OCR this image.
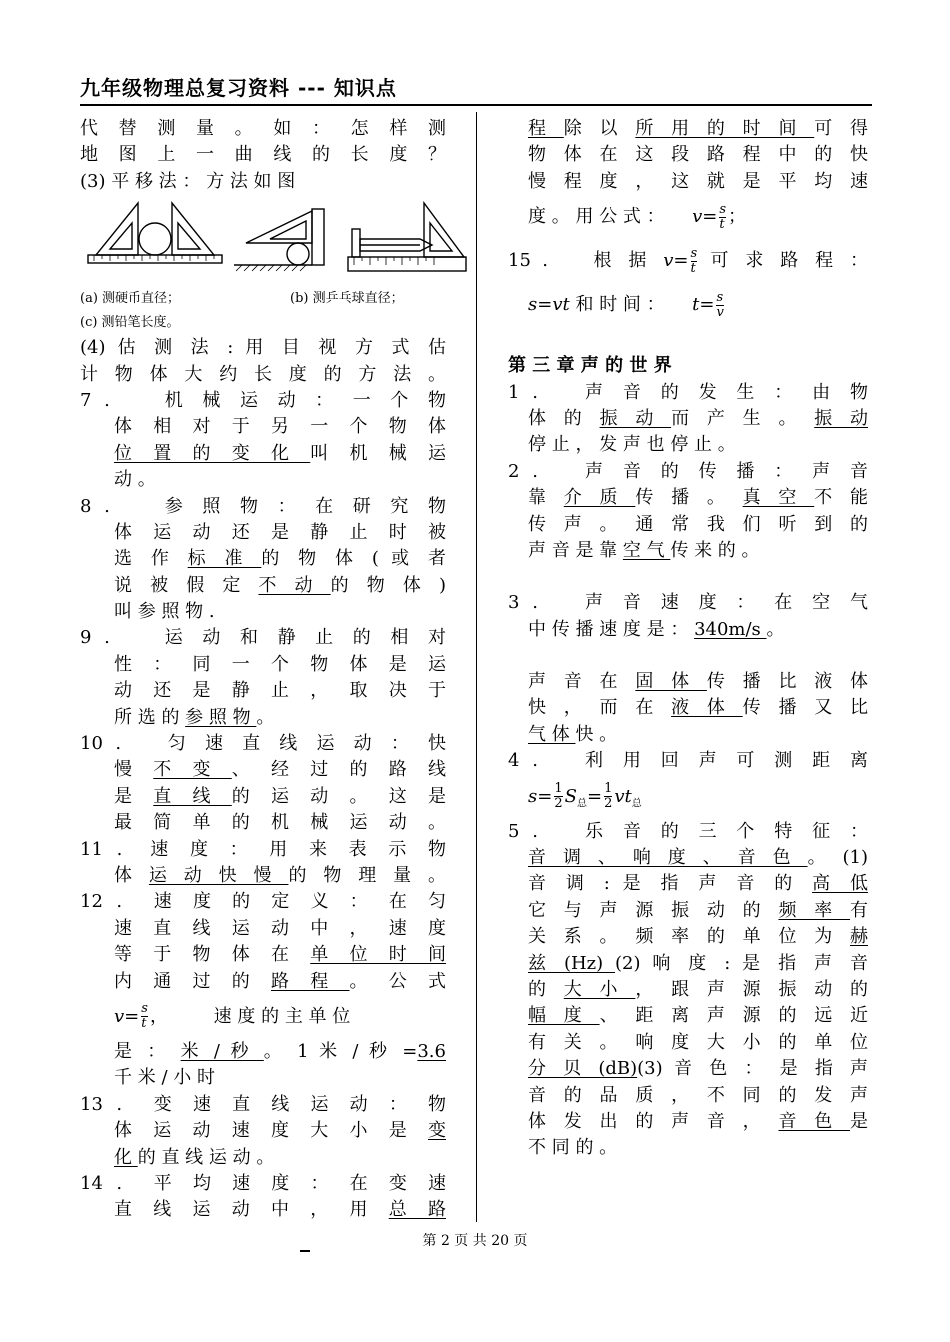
九年级物理总复习资料 --- 知识点
代 替 测 量 。 如 ： 怎 样 测
地 图 上 一 曲 线 的 长 度 ？
(3) 平 移 法 ： 方 法 如 图
(a) 测硬币直径；	(b) 测乒乓球直径；
(c) 测铅笔长度。
(4) 估 测 法 : 用 目 视 方 式 估
计 物 体 大 约 长 度 的 方 法 。
7 .	机 械 运 动 ： 一 个 物
体 相 对 于 另 一 个 物 体
位 置 的 变 化 叫 机 械 运
动 。
8 .	参 照 物 ： 在 研 究 物
体 运 动 还 是 静 止 时 被
选 作 标 准 的 物 体 ( 或 者
说 被 假 定 不 动 的 物 体 )
叫 参 照 物 .
9 .	运 动 和 静 止 的 相 对
性 ： 同 一 个 物 体 是 运
动 还 是 静 止 ， 取 决 于
所 选 的 参 照 物 。
10 . 匀 速 直 线 运 动 ： 快
慢 不 变 、 经 过 的 路 线
是 直 线 的 运 动 。 这 是
最 简 单 的 机 械 运 动 。
11 . 速 度 ： 用 来 表 示 物
体 运 动 快 慢 的 物 理 量 。
12 . 速 度 的 定 义 ： 在 匀
速 直 线 运 动 中 ， 速 度
等 于 物 体 在 单 位 时 间
内 通 过 的 路 程 。 公 式
$v= \frac{s}{t}$ ，	速 度 的 主 单 位
是 ： 米 / 秒 。 1 米 / 秒 =3.6
千 米 / 小 时
13 . 变 速 直 线 运 动 ： 物
体 运 动 速 度 大 小 是 变
化 的 直 线 运 动 。
14 . 平 均 速 度 ： 在 变 速
直 线 运 动 中 ， 用 总 路
程 除 以 所 用 的 时 间 可 得
物 体 在 这 段 路 程 中 的 快
慢 程 度 ， 这 就 是 平 均 速
度 。 用 公 式 ： $v= \frac{s}{t}$ ；
15 . 根 据 $v= \frac{s}{t}$ 可 求 路 程 ：
s=vt 和 时 间 ： $t= \frac{s}{v}$
第 三 章 声 的 世 界
1 . 声 音 的 发 生 ： 由 物
体 的 振 动 而 产 生 。 振 动
停 止 ， 发 声 也 停 止 。
2 . 声 音 的 传 播 ： 声 音
靠 介 质 传 播 。 真 空 不 能
传 声 。 通 常 我 们 听 到 的
声 音 是 靠 空 气 传 来 的 。
3 . 声 音 速 度 ： 在 空 气
中 传 播 速 度 是 ： 340m/s 。
声 音 在 固 体 传 播 比 液 体
快 ， 而 在 液 体 传 播 又 比
气 体 快 。
4 . 利 用 回 声 可 测 距 离
$s= \frac{1}{2} S_总= \frac{1}{2} vt_总$
5 . 乐 音 的 三 个 特 征 ：
音 调 、 响 度 、 音 色 。 (1)
音 调 : 是 指 声 音 的 高 低
它 与 声 源 振 动 的 频 率 有
关 系 。 频 率 的 单 位 为 赫
兹 (Hz) (2) 响 度 : 是 指 声 音
的 大 小 ， 跟 声 源 振 动 的
幅 度 、 距 离 声 源 的 远 近
有 关 。 响 度 大 小 的 单 位
分 贝 (dB)(3) 音 色 ： 是 指 声
音 的 品 质 ， 不 同 的 发 声
体 发 出 的 声 音 ， 音 色 是
不 同 的 。
第 2 页 共 20 页
